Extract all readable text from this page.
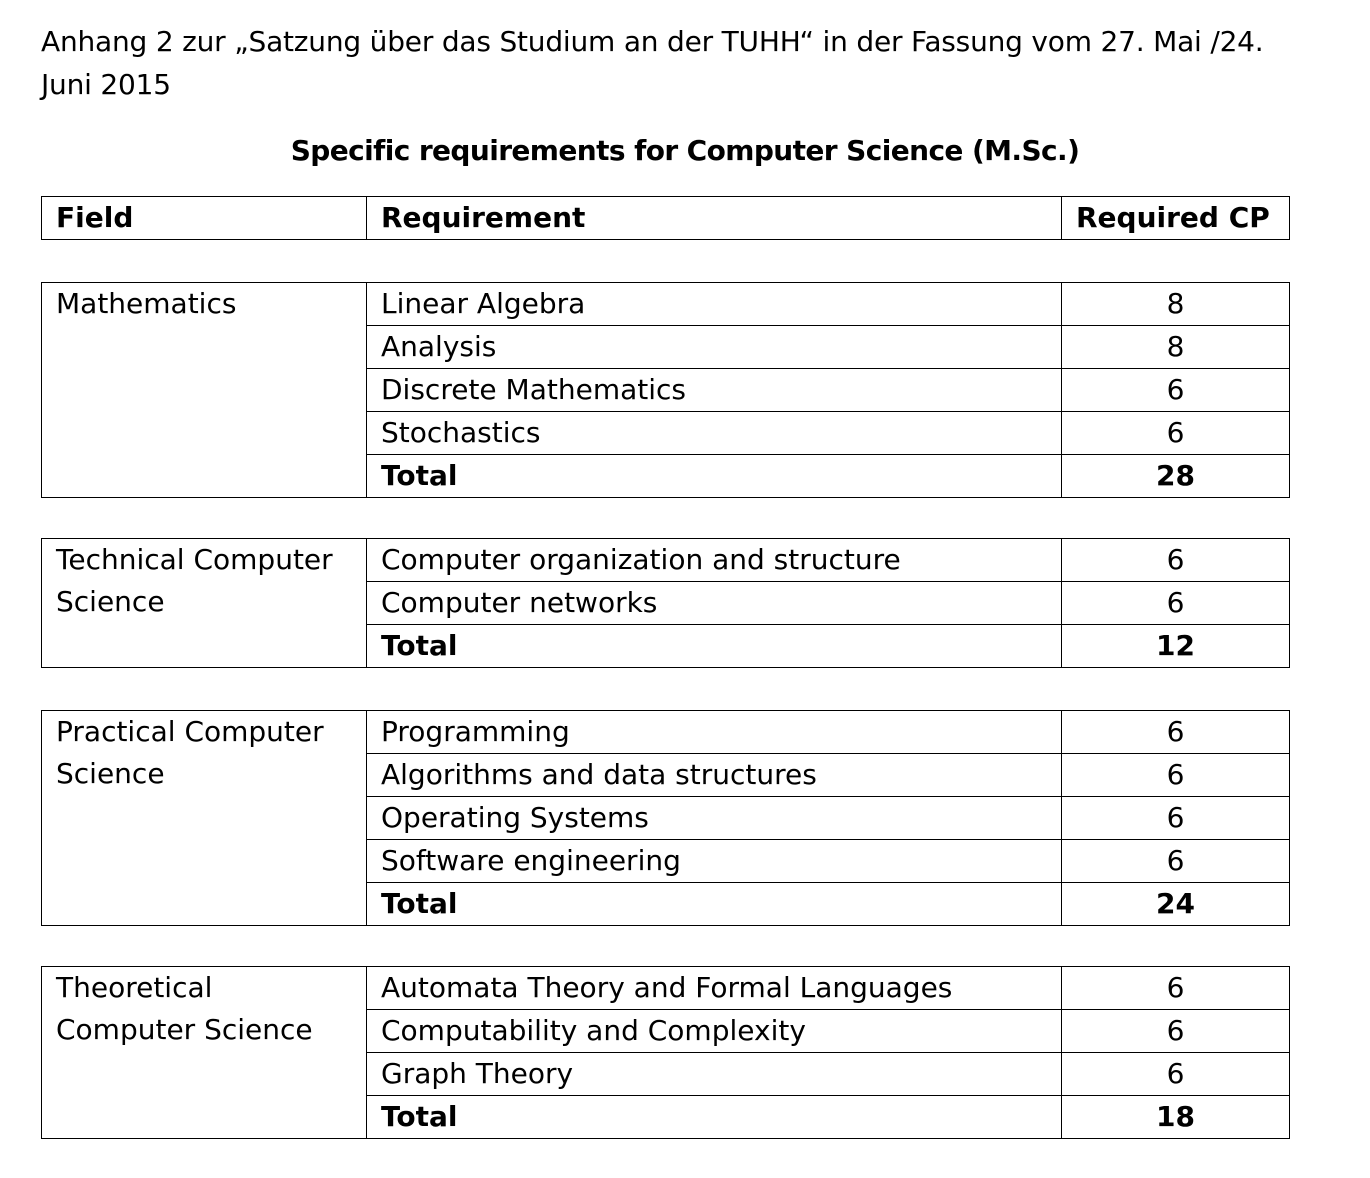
Anhang 2 zur „Satzung über das Studium an der TUHH“ in der Fassung vom 27. Mai /24. Juni 2015
Specific requirements for Computer Science (M.Sc.)
Field	Requirement	Required CP
Mathematics	Linear Algebra	8
	Analysis	8
	Discrete Mathematics	6
	Stochastics	6
	Total	28
Technical Computer Science	Computer organization and structure	6
	Computer networks	6
	Total	12
Practical Computer Science	Programming	6
	Algorithms and data structures	6
	Operating Systems	6
	Software engineering	6
	Total	24
Theoretical Computer Science	Automata Theory and Formal Languages	6
	Computability and Complexity	6
	Graph Theory	6
	Total	18
